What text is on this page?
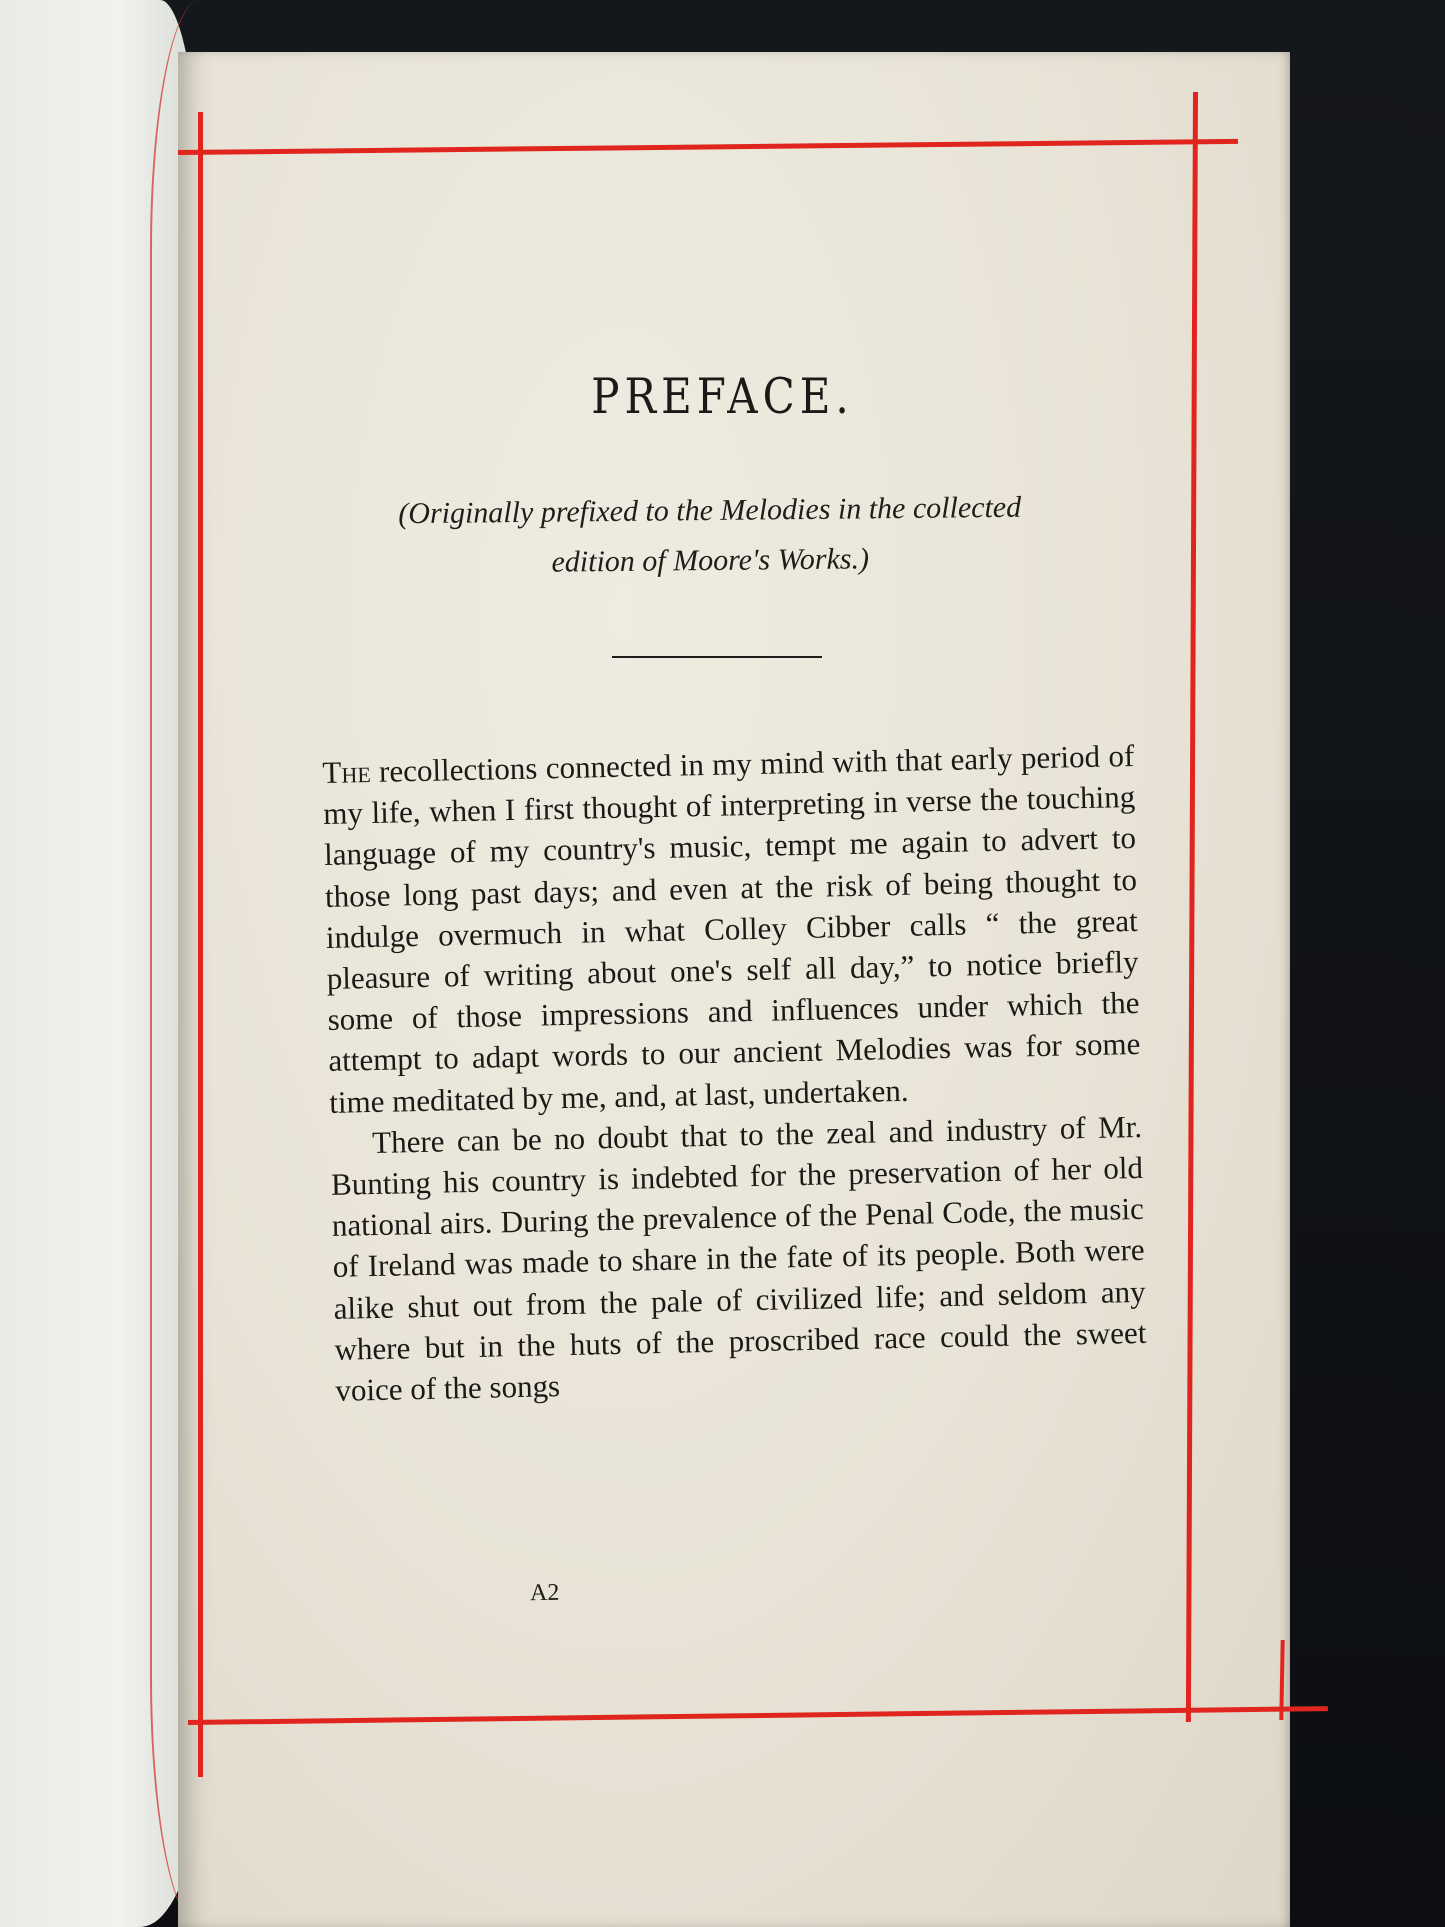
PREFACE.
(Originally prefixed to the Melodies in the collected
edition of Moore's Works.)

The recollections connected in my mind with that early period of my life, when I first thought of interpreting in verse the touching language of my country's music, tempt me again to advert to those long past days; and even at the risk of being thought to indulge overmuch in what Colley Cibber calls “ the great pleasure of writing about one's self all day,” to notice briefly some of those impressions and influences under which the attempt to adapt words to our ancient Melodies was for some time meditated by me, and, at last, undertaken.

There can be no doubt that to the zeal and industry of Mr. Bunting his country is indebted for the preservation of her old national airs. During the prevalence of the Penal Code, the music of Ireland was made to share in the fate of its people. Both were alike shut out from the pale of civilized life; and seldom any where but in the huts of the proscribed race could the sweet voice of the songs

A2
